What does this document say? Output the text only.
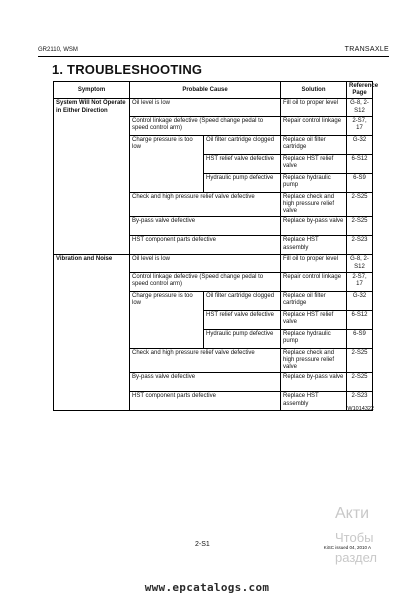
GR2110, WSM	TRANSAXLE
1. TROUBLESHOOTING
Symptom	Probable Cause		Solution	Reference Page
System Will Not Operate in Either Direction	Oil level is low		Fill oil to proper level	G-8, 2-S12
	Control linkage defective (Speed change pedal to speed control arm)		Repair control linkage	2-S7, 17
	Charge pressure is too low	Oil filter cartridge clogged	Replace oil filter cartridge	G-32
		HST relief valve defective	Replace HST relief valve	6-S12
		Hydraulic pump defective	Replace hydraulic pump	6-S9
	Check and high pressure relief valve defective		Replace check and high pressure relief valve	2-S25
	By-pass valve defective		Replace by-pass valve	2-S25
	HST component parts defective		Replace HST assembly	2-S23
Vibration and Noise	Oil level is low		Fill oil to proper level	G-8, 2-S12
	Control linkage defective (Speed change pedal to speed control arm)		Repair control linkage	2-S7, 17
	Charge pressure is too low	Oil filter cartridge clogged	Replace oil filter cartridge	G-32
		HST relief valve defective	Replace HST relief valve	6-S12
		Hydraulic pump defective	Replace hydraulic pump	6-S9
	Check and high pressure relief valve defective		Replace check and high pressure relief valve	2-S25
	By-pass valve defective		Replace by-pass valve	2-S25
	HST component parts defective		Replace HST assembly	2-S23
W1014322
Акти
Чтобы
раздел
2-S1	KiSC issued 04, 2010 A
www.epcatalogs.com
